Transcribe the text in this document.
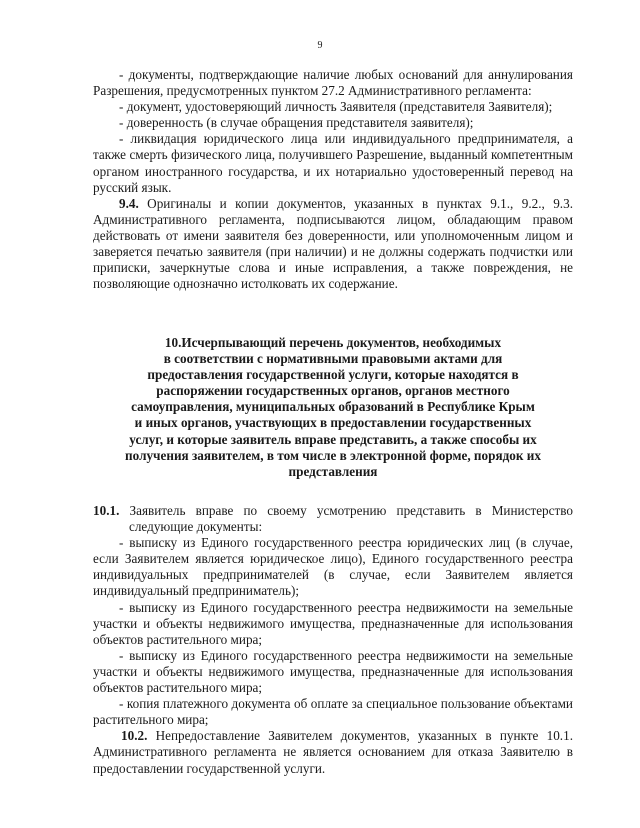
9

- документы, подтверждающие наличие любых оснований для аннулирования Разрешения, предусмотренных пунктом 27.2 Административного регламента:

- документ, удостоверяющий личность Заявителя (представителя Заявителя);

- доверенность (в случае обращения представителя заявителя);

- ликвидация юридического лица или индивидуального предпринимателя, а также смерть физического лица, получившего Разрешение, выданный компетентным органом иностранного государства, и их нотариально удостоверенный перевод на русский язык.

9.4. Оригиналы и копии документов, указанных в пунктах 9.1., 9.2., 9.3. Административного регламента, подписываются лицом, обладающим правом действовать от имени заявителя без доверенности, или уполномоченным лицом и заверяется печатью заявителя (при наличии) и не должны содержать подчистки или приписки, зачеркнутые слова и иные исправления, а также повреждения, не позволяющие однозначно истолковать их содержание.

10.Исчерпывающий перечень документов, необходимых
в соответствии с нормативными правовыми актами для
предоставления государственной услуги, которые находятся в
распоряжении государственных органов, органов местного
самоуправления, муниципальных образований в Республике Крым
и иных органов, участвующих в предоставлении государственных
услуг, и которые заявитель вправе представить, а также способы их
получения заявителем, в том числе в электронной форме, порядок их
представления

10.1. Заявитель вправе по своему усмотрению представить в Министерство следующие документы:

- выписку из Единого государственного реестра юридических лиц (в случае, если Заявителем является юридическое лицо), Единого государственного реестра индивидуальных предпринимателей (в случае, если Заявителем является индивидуальный предприниматель);

- выписку из Единого государственного реестра недвижимости на земельные участки и объекты недвижимого имущества, предназначенные для использования объектов растительного мира;

- выписку из Единого государственного реестра недвижимости на земельные участки и объекты недвижимого имущества, предназначенные для использования объектов растительного мира;

- копия платежного документа об оплате за специальное пользование объектами растительного мира;

10.2. Непредоставление Заявителем документов, указанных в пункте 10.1. Административного регламента не является основанием для отказа Заявителю в предоставлении государственной услуги.
